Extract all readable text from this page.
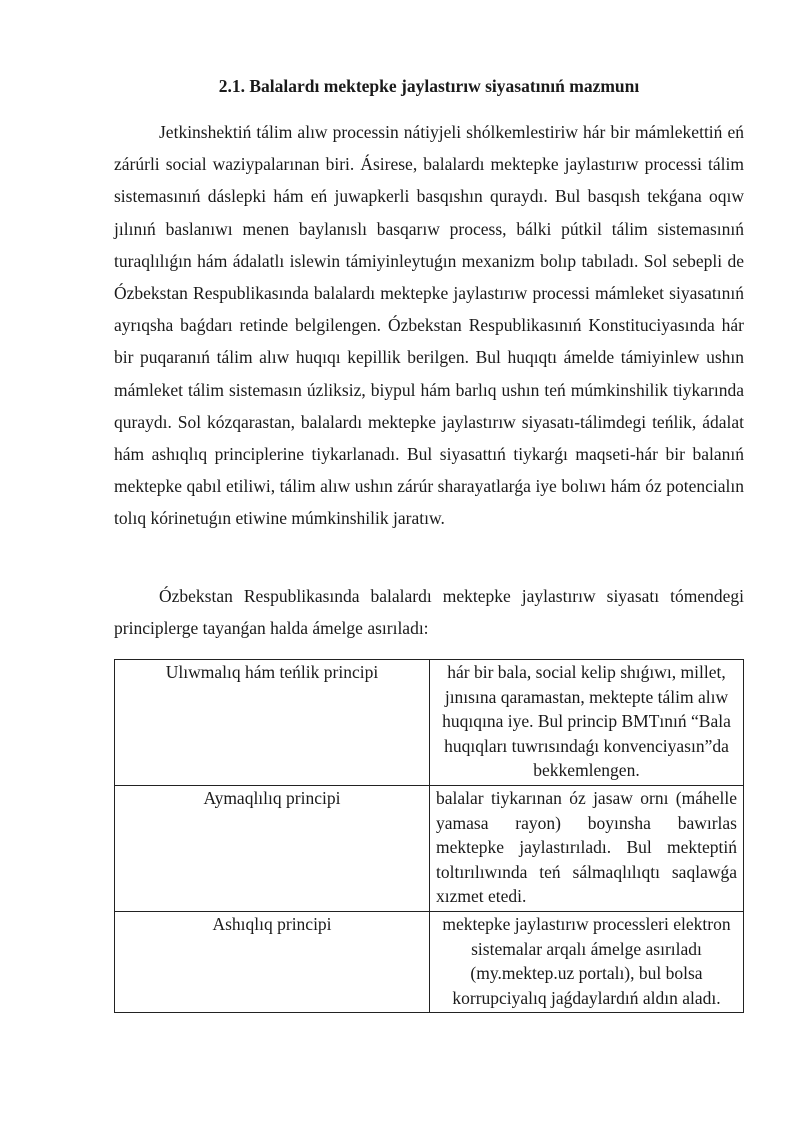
2.1. Balalardı mektepke jaylastırıw siyasatınıń mazmunı

Jetkinshektiń tálim alıw processin nátiyjeli shólkemlestiriw hár bir mámlekettiń eń zárúrli social waziypalarınan biri. Ásirese, balalardı mektepke jaylastırıw processi tálim sistemasınıń dáslepki hám eń juwapkerli basqıshın quraydı. Bul basqısh tekǵana oqıw jılınıń baslanıwı menen baylanıslı basqarıw process, bálki pútkil tálim sistemasınıń turaqlılıǵın hám ádalatlı islewin támiyinleytuǵın mexanizm bolıp tabıladı. Sol sebepli de Ózbekstan Respublikasında balalardı mektepke jaylastırıw processi mámleket siyasatınıń ayrıqsha baǵdarı retinde belgilengen. Ózbekstan Respublikasınıń Konstituciyasında hár bir puqaranıń tálim alıw huqıqı kepillik berilgen. Bul huqıqtı ámelde támiyinlew ushın mámleket tálim sistemasın úzliksiz, biypul hám barlıq ushın teń múmkinshilik tiykarında quraydı. Sol kózqarastan, balalardı mektepke jaylastırıw siyasatı-tálimdegi teńlik, ádalat hám ashıqlıq principlerine tiykarlanadı. Bul siyasattıń tiykarǵı maqseti-hár bir balanıń mektepke qabıl etiliwi, tálim alıw ushın zárúr sharayatlarǵa iye bolıwı hám óz potencialın tolıq kórinetuǵın etiwine múmkinshilik jaratıw.

Ózbekstan Respublikasında balalardı mektepke jaylastırıw siyasatı tómendegi principlerge tayanǵan halda ámelge asırıladı:

Ulıwmalıq hám teńlik principi	hár bir bala, social kelip shıǵıwı, millet, jınısına qaramastan, mektepte tálim alıw huqıqına iye. Bul princip BMTınıń “Bala huqıqları tuwrısındaǵı konvenciyasın”da bekkemlengen.
Aymaqlılıq principi	balalar tiykarınan óz jasaw ornı (máhelle yamasa rayon) boyınsha bawırlas mektepke jaylastırıladı. Bul mekteptiń toltırılıwında teń sálmaqlılıqtı saqlawǵa xızmet etedi.
Ashıqlıq principi	mektepke jaylastırıw processleri elektron sistemalar arqalı ámelge asırıladı (my.mektep.uz portalı), bul bolsa korrupciyalıq jaǵdaylardıń aldın aladı.
